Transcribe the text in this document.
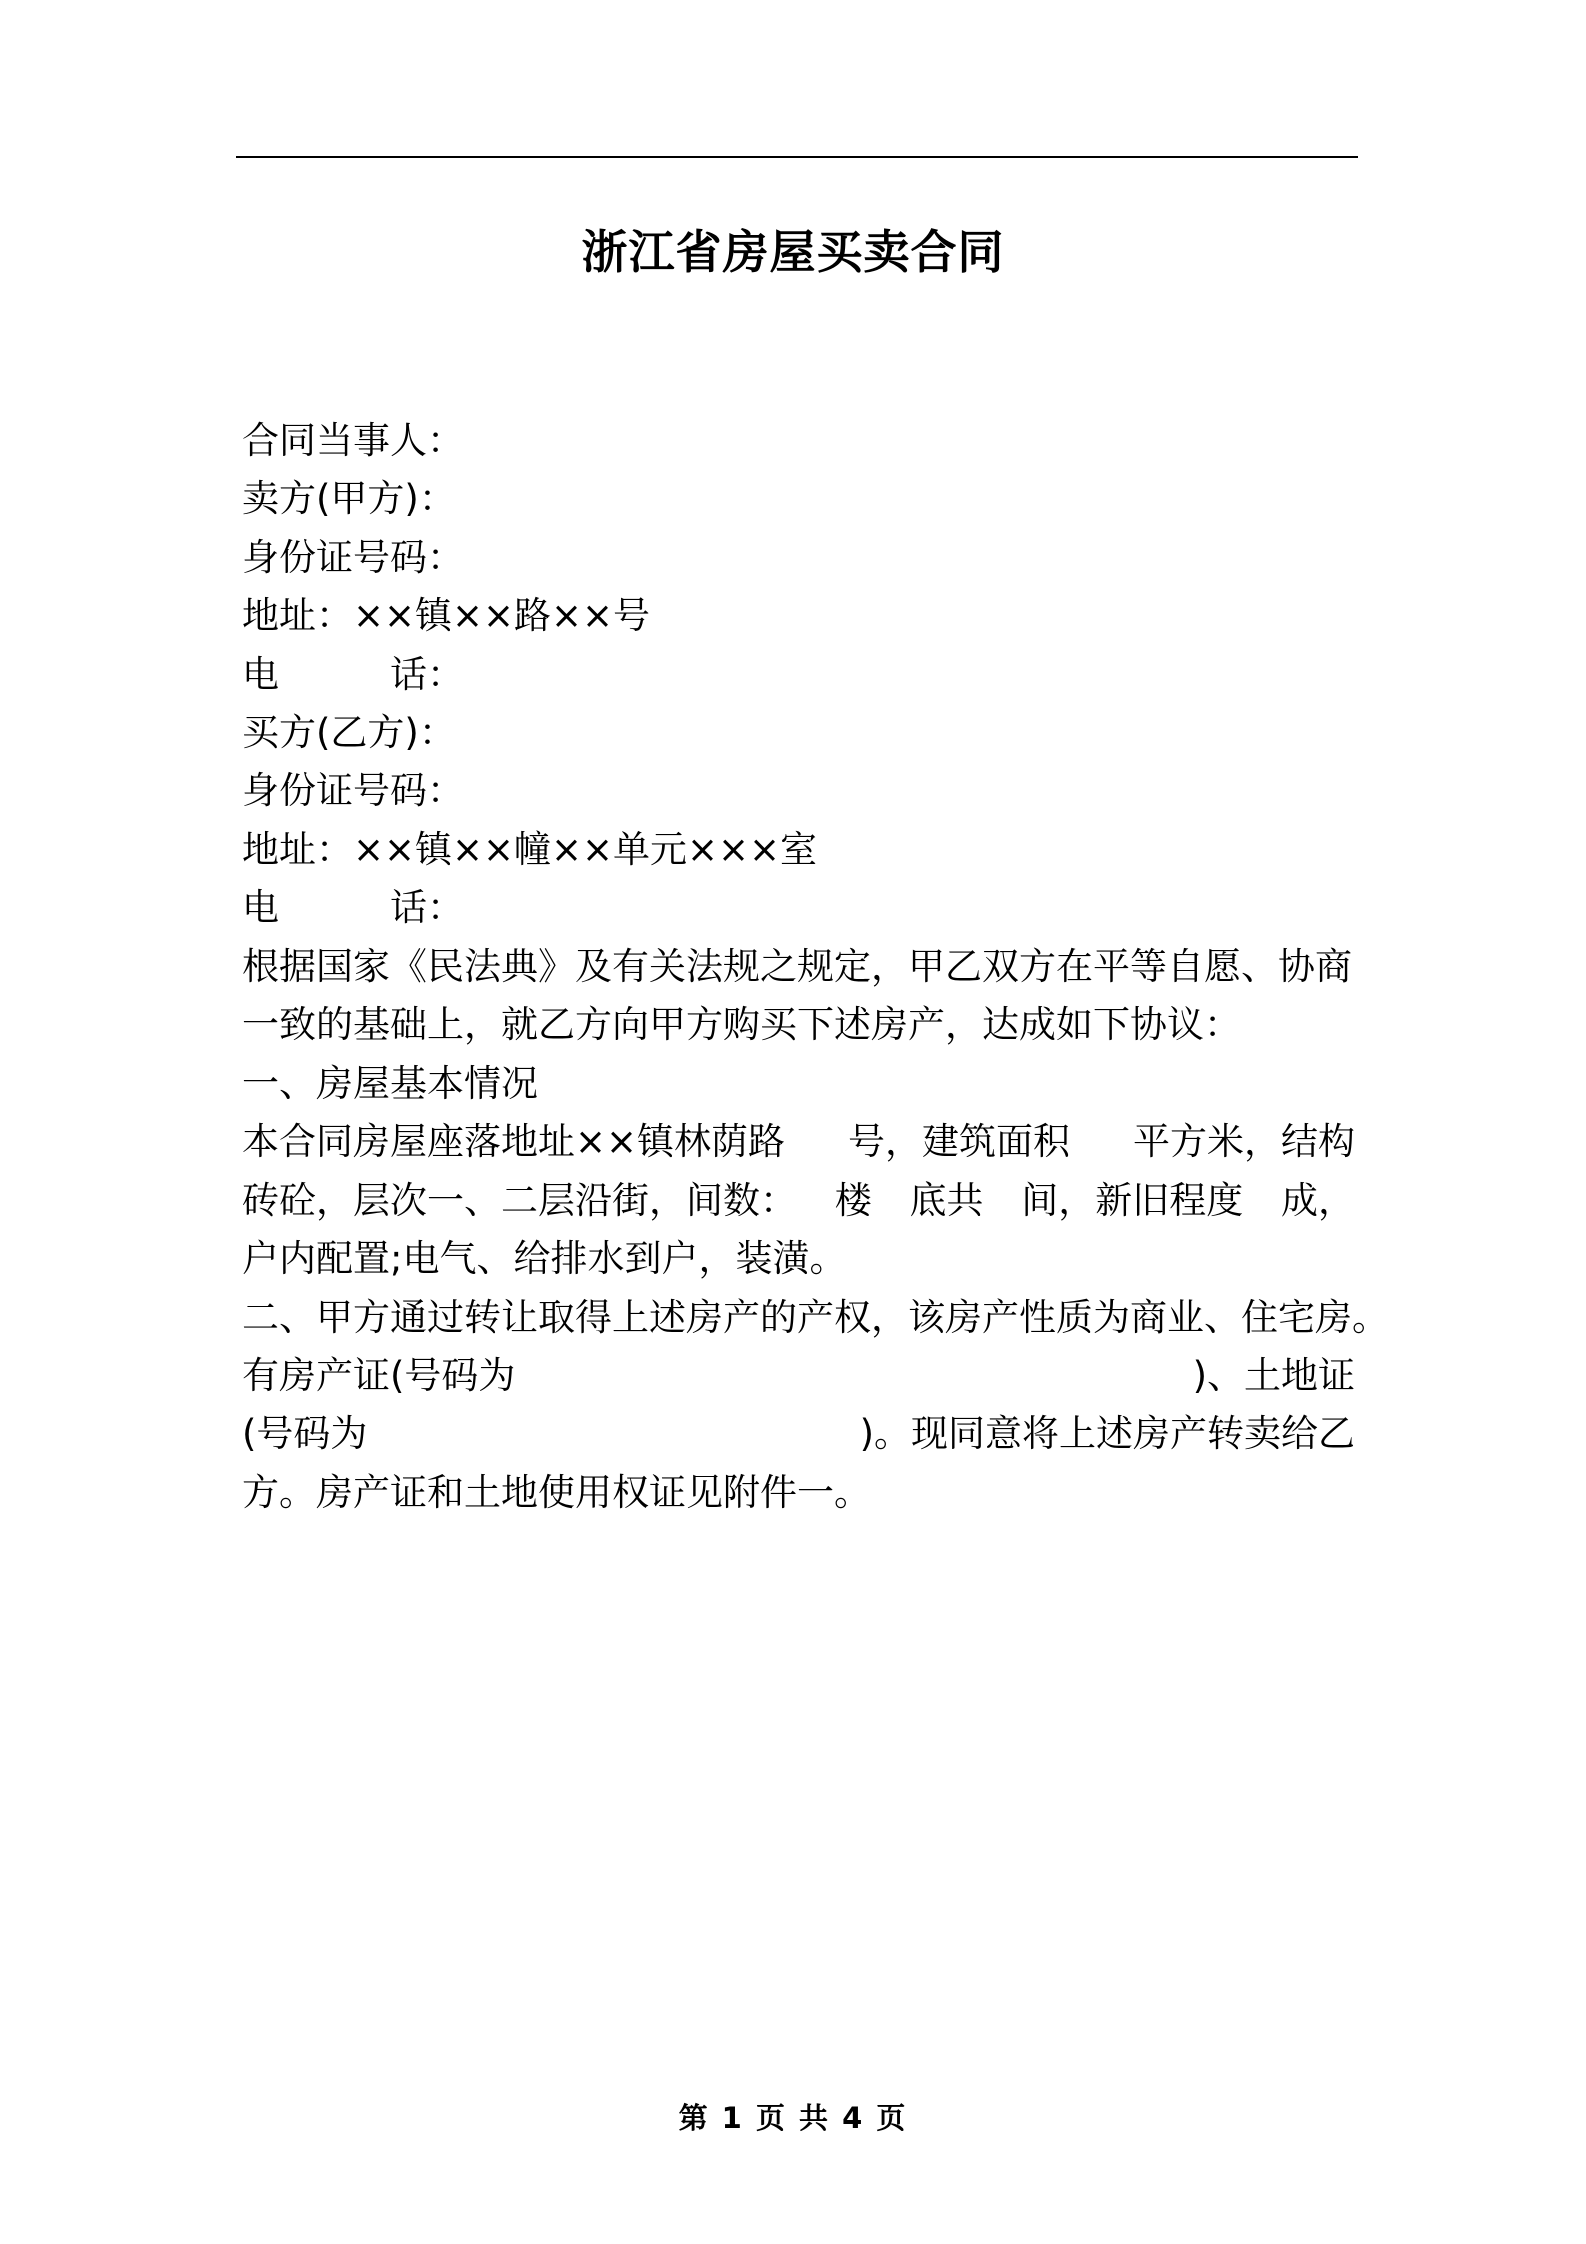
浙江省房屋买卖合同
合同当事人：
卖方(甲方)：
身份证号码：
地址：××镇××路××号
电	话：
买方(乙方)：
身份证号码：
地址：××镇××幢××单元×××室
电	话：
根据国家《民法典》及有关法规之规定，甲乙双方在平等自愿、协商
一致的基础上，就乙方向甲方购买下述房产，达成如下协议：
一、房屋基本情况
本合同房屋座落地址××镇林荫路 号，建筑面积 平方米，结构
砖砼，层次一、二层沿街，间数： 楼 底共 间，新旧程度 成，
户内配置;电气、给排水到户，装潢。
二、甲方通过转让取得上述房产的产权，该房产性质为商业、住宅房。
有房产证(号码为	)、土地证
(号码为	)。现同意将上述房产转卖给乙
方。房产证和土地使用权证见附件一。
第 1 页 共 4 页
